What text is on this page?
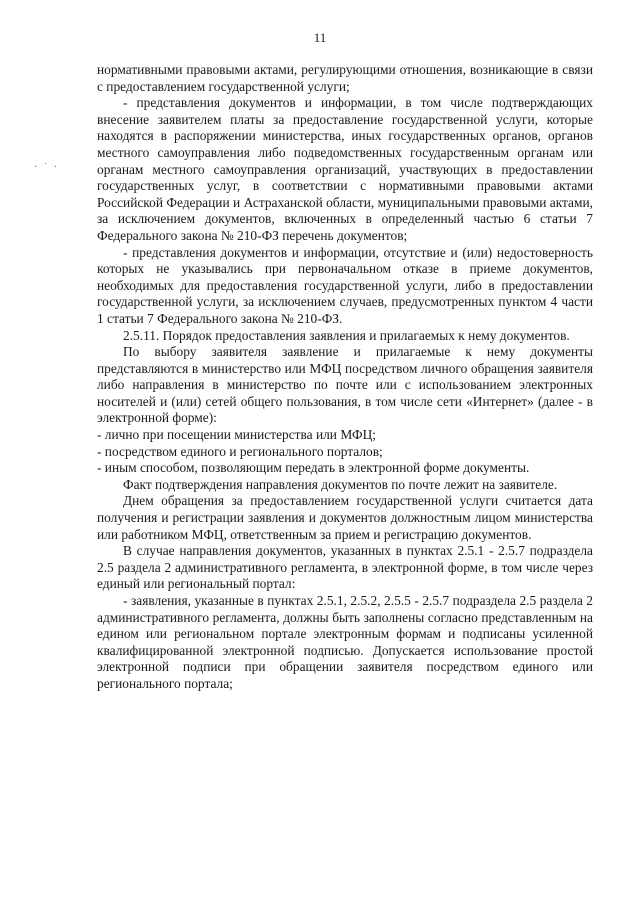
11
· ˙ ·

нормативными правовыми актами, регулирующими отношения, возникающие в связи с предоставлением государственной услуги;

- представления документов и информации, в том числе подтверждающих внесение заявителем платы за предоставление государственной услуги, которые находятся в распоряжении министерства, иных государственных органов, органов местного самоуправления либо подведомственных государственным органам или органам местного самоуправления организаций, участвующих в предоставлении государственных услуг, в соответствии с нормативными правовыми актами Российской Федерации и Астраханской области, муниципальными правовыми актами, за исключением документов, включенных в определенный частью 6 статьи 7 Федерального закона № 210-ФЗ перечень документов;

- представления документов и информации, отсутствие и (или) недостоверность которых не указывались при первоначальном отказе в приеме документов, необходимых для предоставления государственной услуги, либо в предоставлении государственной услуги, за исключением случаев, предусмотренных пунктом 4 части 1 статьи 7 Федерального закона № 210-ФЗ.

2.5.11. Порядок предоставления заявления и прилагаемых к нему документов.

По выбору заявителя заявление и прилагаемые к нему документы представляются в министерство или МФЦ посредством личного обращения заявителя либо направления в министерство по почте или с использованием электронных носителей и (или) сетей общего пользования, в том числе сети «Интернет» (далее - в электронной форме):

- лично при посещении министерства или МФЦ;

- посредством единого и регионального порталов;

- иным способом, позволяющим передать в электронной форме документы.

Факт подтверждения направления документов по почте лежит на заявителе.

Днем обращения за предоставлением государственной услуги считается дата получения и регистрации заявления и документов должностным лицом министерства или работником МФЦ, ответственным за прием и регистрацию документов.

В случае направления документов, указанных в пунктах 2.5.1 - 2.5.7 подраздела 2.5 раздела 2 административного регламента, в электронной форме, в том числе через единый или региональный портал:

- заявления, указанные в пунктах 2.5.1, 2.5.2, 2.5.5 - 2.5.7 подраздела 2.5 раздела 2 административного регламента, должны быть заполнены согласно представленным на едином или региональном портале электронным формам и подписаны усиленной квалифицированной электронной подписью. Допускается использование простой электронной подписи при обращении заявителя посредством единого или регионального портала;
